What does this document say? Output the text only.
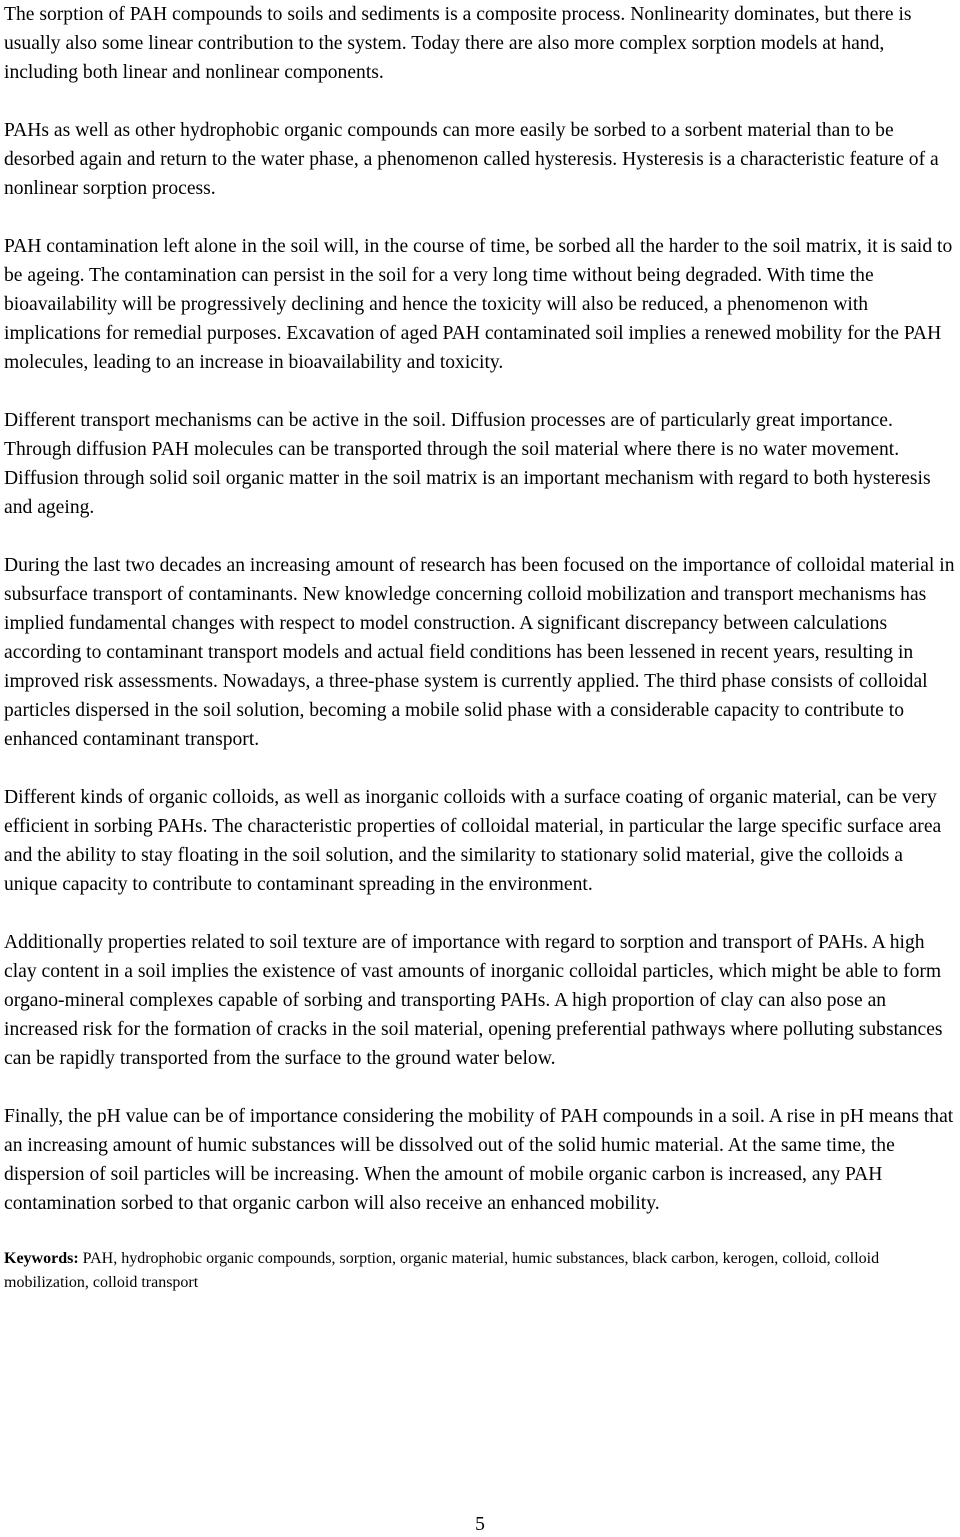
The sorption of PAH compounds to soils and sediments is a composite process. Nonlinearity dominates, but there is usually also some linear contribution to the system. Today there are also more complex sorption models at hand, including both linear and nonlinear components.

PAHs as well as other hydrophobic organic compounds can more easily be sorbed to a sorbent material than to be desorbed again and return to the water phase, a phenomenon called hysteresis. Hysteresis is a characteristic feature of a nonlinear sorption process.

PAH contamination left alone in the soil will, in the course of time, be sorbed all the harder to the soil matrix, it is said to be ageing. The contamination can persist in the soil for a very long time without being degraded. With time the bioavailability will be progressively declining and hence the toxicity will also be reduced, a phenomenon with implications for remedial purposes. Excavation of aged PAH contaminated soil implies a renewed mobility for the PAH molecules, leading to an increase in bioavailability and toxicity.

Different transport mechanisms can be active in the soil. Diffusion processes are of particularly great importance. Through diffusion PAH molecules can be transported through the soil material where there is no water movement. Diffusion through solid soil organic matter in the soil matrix is an important mechanism with regard to both hysteresis and ageing.

During the last two decades an increasing amount of research has been focused on the importance of colloidal material in subsurface transport of contaminants. New knowledge concerning colloid mobilization and transport mechanisms has implied fundamental changes with respect to model construction. A significant discrepancy between calculations according to contaminant transport models and actual field conditions has been lessened in recent years, resulting in improved risk assessments. Nowadays, a three-phase system is currently applied. The third phase consists of colloidal particles dispersed in the soil solution, becoming a mobile solid phase with a considerable capacity to contribute to enhanced contaminant transport.

Different kinds of organic colloids, as well as inorganic colloids with a surface coating of organic material, can be very efficient in sorbing PAHs. The characteristic properties of colloidal material, in particular the large specific surface area and the ability to stay floating in the soil solution, and the similarity to stationary solid material, give the colloids a unique capacity to contribute to contaminant spreading in the environment.

Additionally properties related to soil texture are of importance with regard to sorption and transport of PAHs. A high clay content in a soil implies the existence of vast amounts of inorganic colloidal particles, which might be able to form organo-mineral complexes capable of sorbing and transporting PAHs. A high proportion of clay can also pose an increased risk for the formation of cracks in the soil material, opening preferential pathways where polluting substances can be rapidly transported from the surface to the ground water below.

Finally, the pH value can be of importance considering the mobility of PAH compounds in a soil. A rise in pH means that an increasing amount of humic substances will be dissolved out of the solid humic material. At the same time, the dispersion of soil particles will be increasing. When the amount of mobile organic carbon is increased, any PAH contamination sorbed to that organic carbon will also receive an enhanced mobility.

Keywords: PAH, hydrophobic organic compounds, sorption, organic material, humic substances, black carbon, kerogen, colloid, colloid mobilization, colloid transport

5
